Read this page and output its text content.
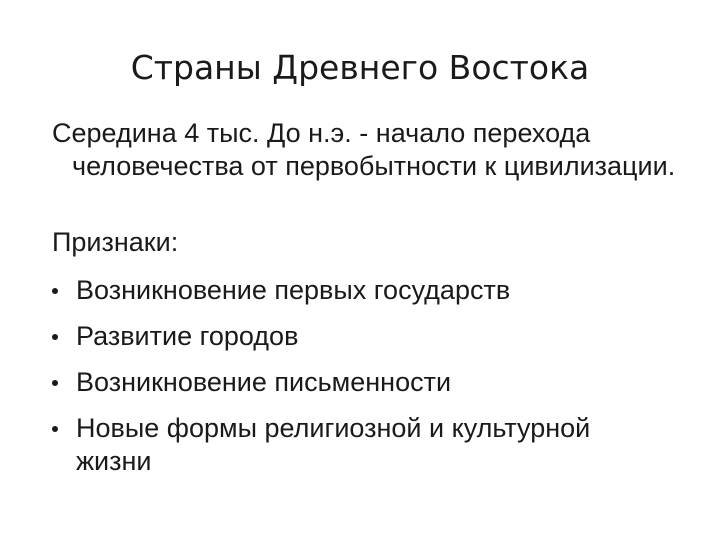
Страны Древнего Востока
Середина 4 тыс. До н.э. - начало перехода человечества от первобытности к цивилизации.
Признаки:
Возникновение первых государств
Развитие городов
Возникновение письменности
Новые формы религиозной и культурной жизни
